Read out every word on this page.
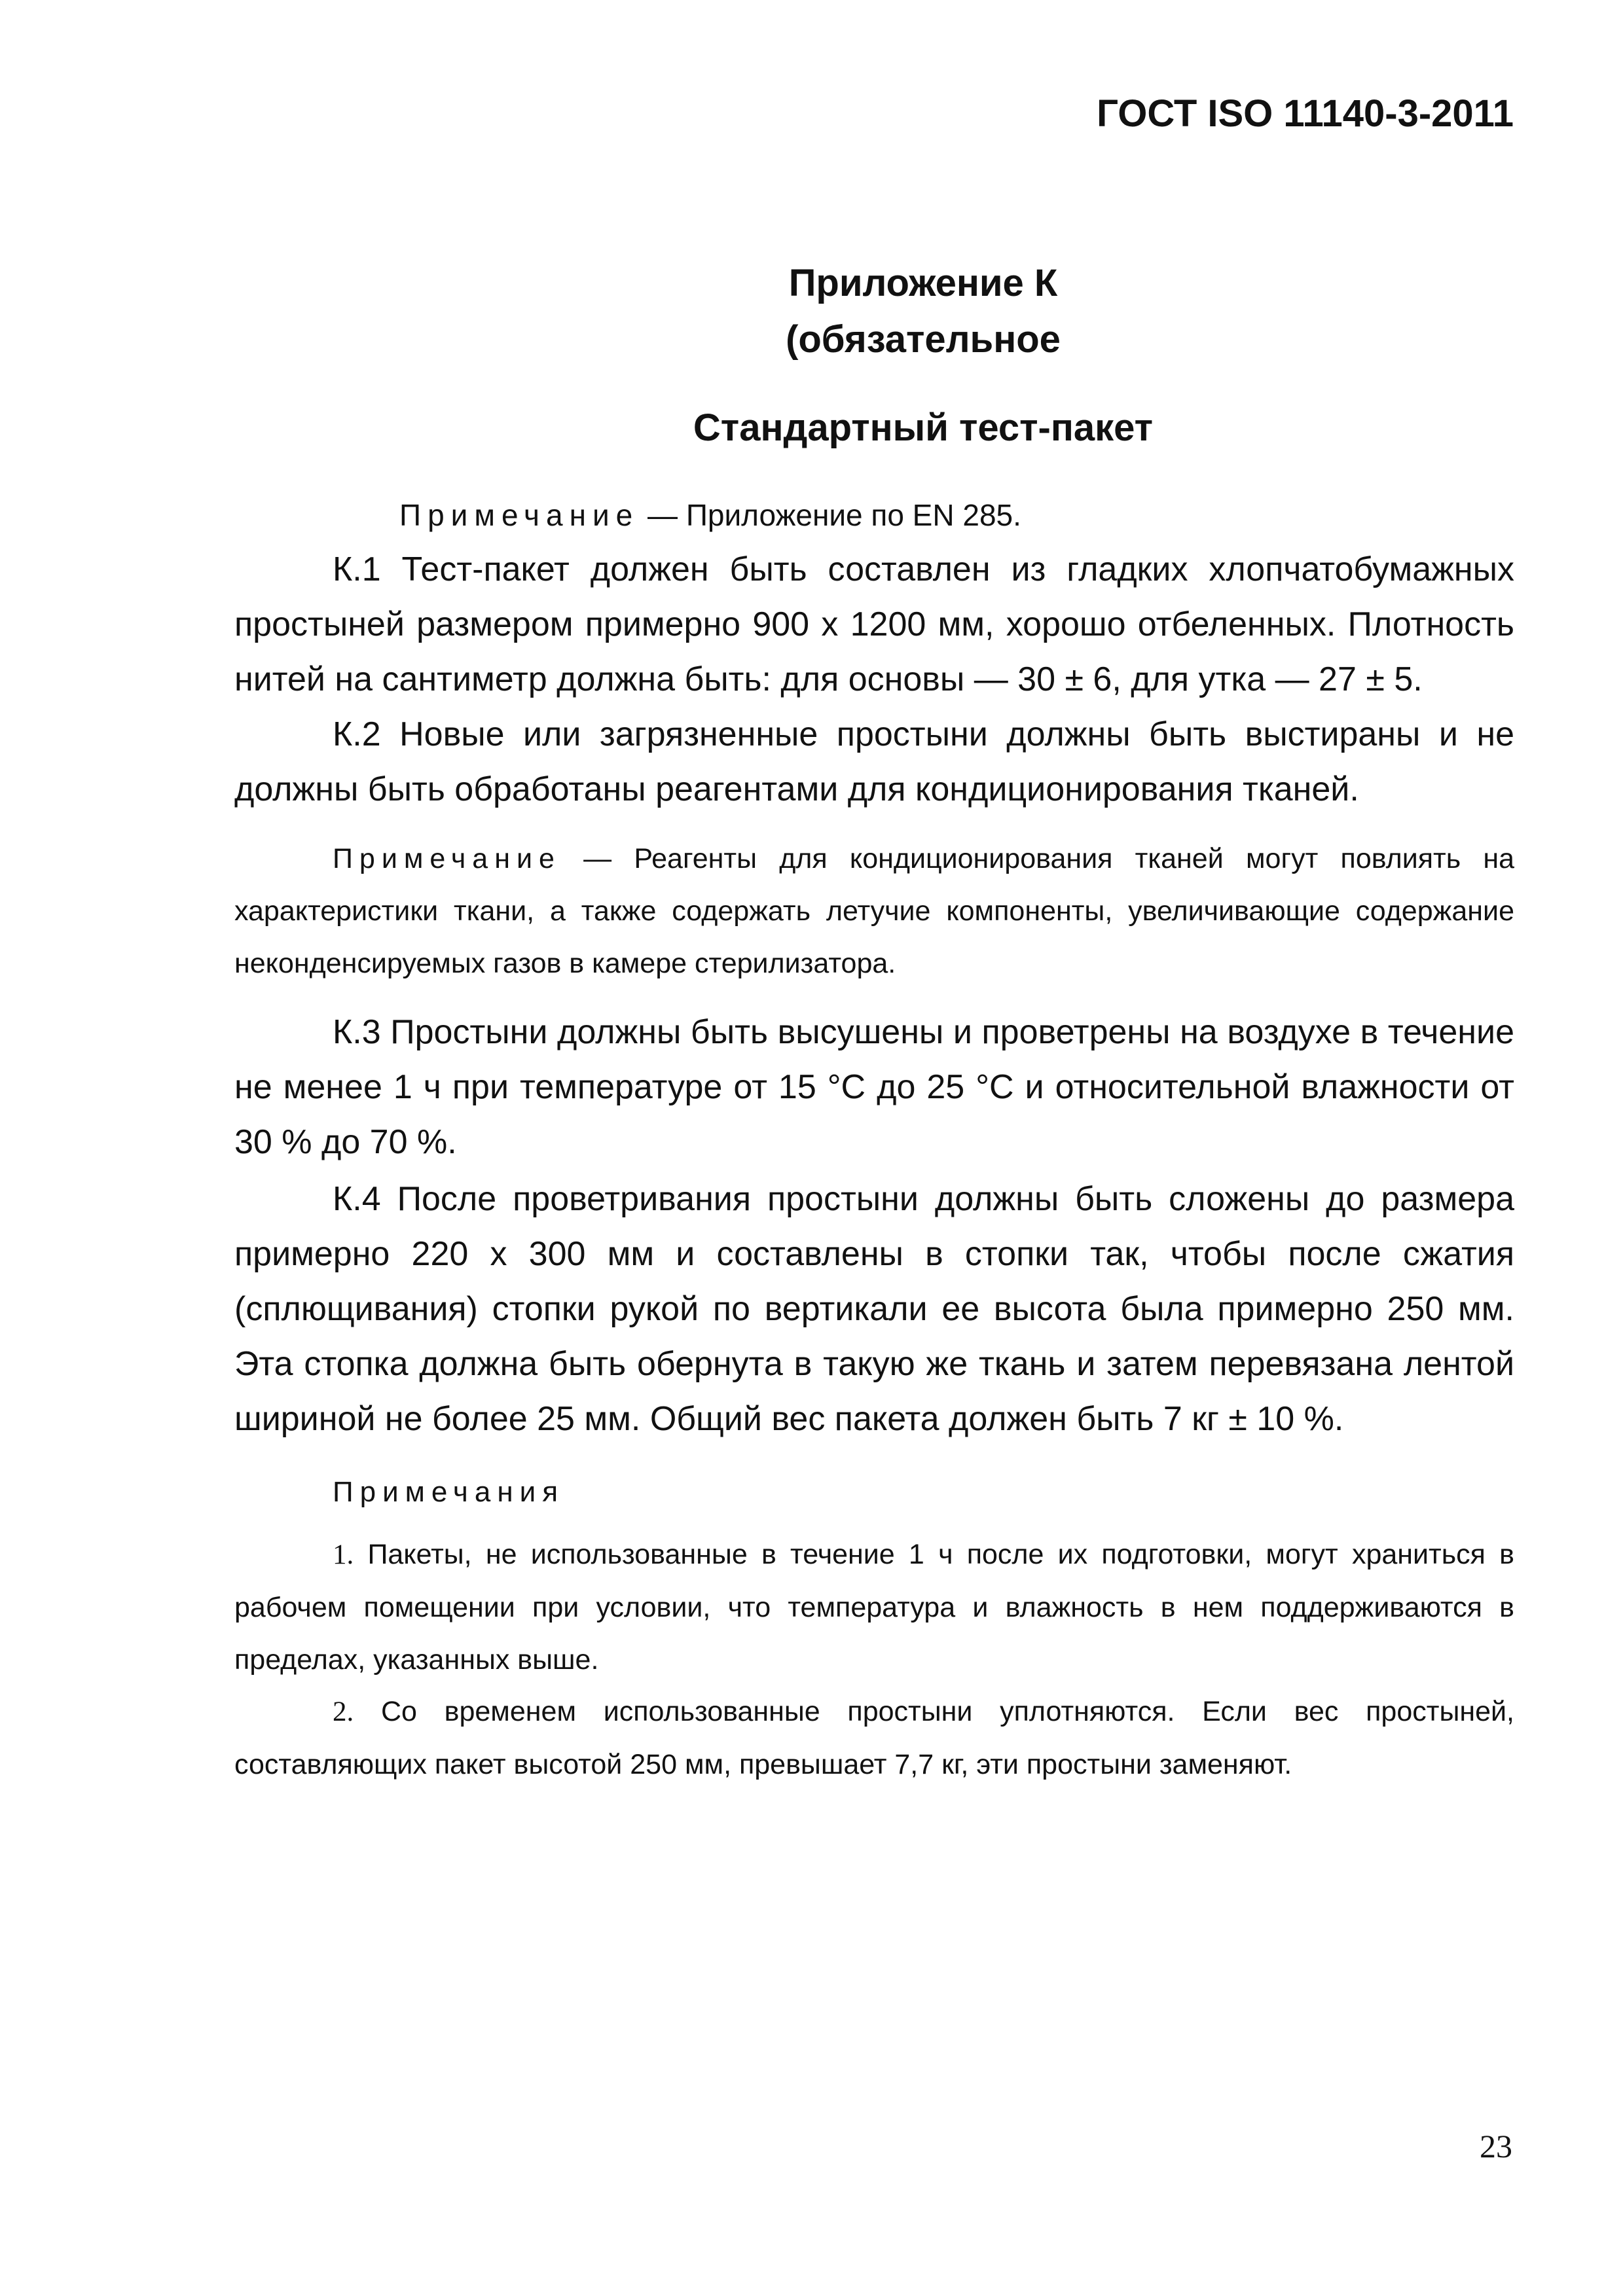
ГОСТ ISO 11140-3-2011
Приложение К
(обязательное
Стандартный тест-пакет
Примечание — Приложение по EN 285.

К.1 Тест-пакет должен быть составлен из гладких хлопчатобумажных простыней размером примерно 900 х 1200 мм, хорошо отбеленных. Плотность нитей на сантиметр должна быть: для основы — 30 ± 6, для утка — 27 ± 5.

К.2 Новые или загрязненные простыни должны быть выстираны и не должны быть обработаны реагентами для кондиционирования тканей.

Примечание — Реагенты для кондиционирования тканей могут повлиять на характеристики ткани, а также содержать летучие компоненты, увеличивающие содержание неконденсируемых газов в камере стерилизатора.

К.3 Простыни должны быть высушены и проветрены на воздухе в течение не менее 1 ч при температуре от 15 °С до 25 °С и относительной влажности от 30 % до 70 %.

К.4 После проветривания простыни должны быть сложены до размера примерно 220 х 300 мм и составлены в стопки так, чтобы после сжатия (сплющивания) стопки рукой по вертикали ее высота была примерно 250 мм. Эта стопка должна быть обернута в такую же ткань и затем перевязана лентой шириной не более 25 мм. Общий вес пакета должен быть 7 кг ± 10 %.

Примечания

1. Пакеты, не использованные в течение 1 ч после их подготовки, могут храниться в рабочем помещении при условии, что температура и влажность в нем поддерживаются в пределах, указанных выше.

2. Со временем использованные простыни уплотняются. Если вес простыней, составляющих пакет высотой 250 мм, превышает 7,7 кг, эти простыни заменяют.

23
